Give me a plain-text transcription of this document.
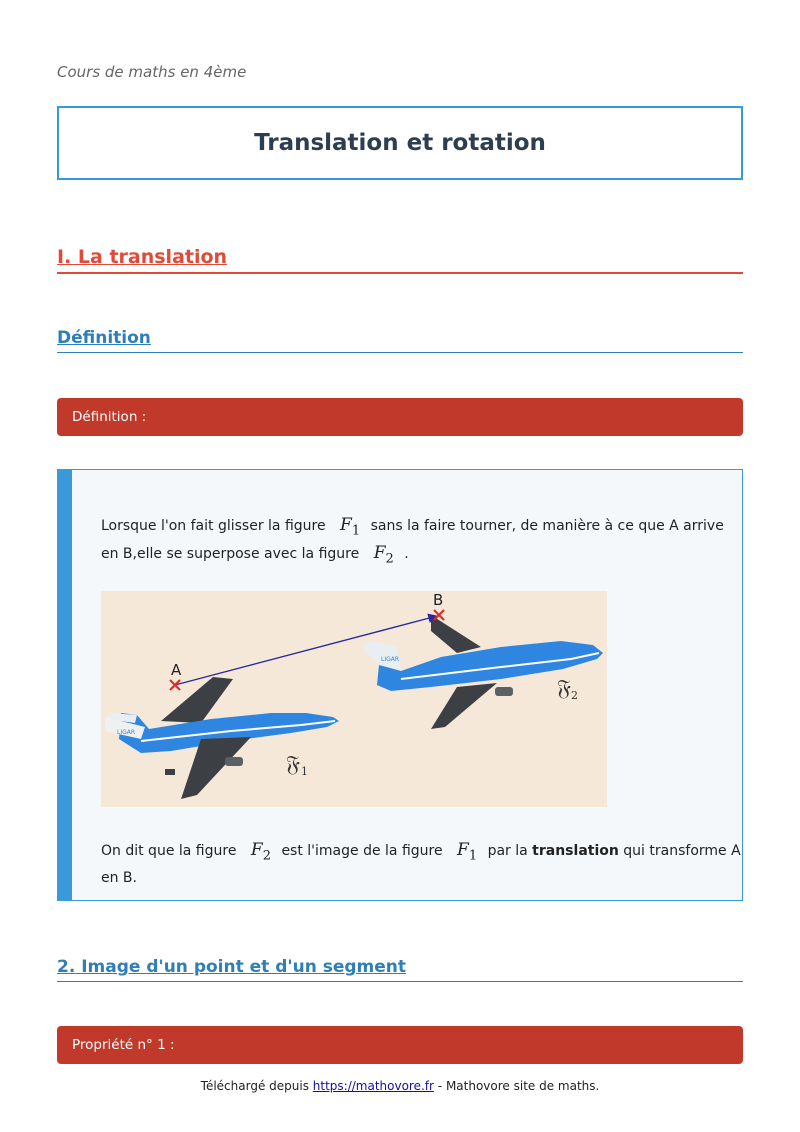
Cours de maths en 4ème
Translation et rotation
I. La translation
Définition
Définition :

Lorsque l'on fait glisser la figure $F_1$ sans la faire tourner, de manière à ce que A arrive en B,elle se superpose avec la figure $F_2$ .

LIGAR
LIGAR
A
B
𝔉 1
𝔉 2

On dit que la figure $F_2$ est l'image de la figure $F_1$ par la translation qui transforme A en B.

2. Image d'un point et d'un segment
Propriété n° 1 :
Téléchargé depuis https://mathovore.fr - Mathovore site de maths.
